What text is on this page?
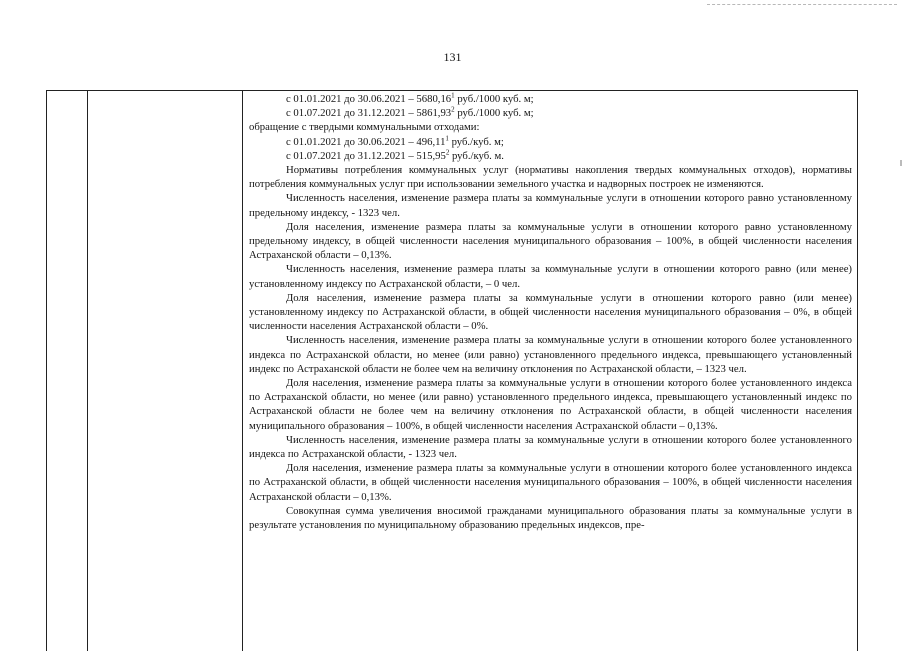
131
с 01.01.2021 до 30.06.2021 – 5680,16$^1$ руб./1000 куб. м;
с 01.07.2021 до 31.12.2021 – 5861,93$^2$ руб./1000 куб. м;
обращение с твердыми коммунальными отходами:
с 01.01.2021 до 30.06.2021 – 496,11$^1$ руб./куб. м;
с 01.07.2021 до 31.12.2021 – 515,95$^2$ руб./куб. м.

Нормативы потребления коммунальных услуг (нормативы накопления твердых коммунальных отходов), нормативы потребления коммунальных услуг при использовании земельного участка и надворных построек не изменяются.

Численность населения, изменение размера платы за коммунальные услуги в отношении которого равно установленному предельному индексу, - 1323 чел.

Доля населения, изменение размера платы за коммунальные услуги в отношении которого равно установленному предельному индексу, в общей численности населения муниципального образования – 100%, в общей численности населения Астраханской области – 0,13%.

Численность населения, изменение размера платы за коммунальные услуги в отношении которого равно (или менее) установленному индексу по Астраханской области, – 0 чел.

Доля населения, изменение размера платы за коммунальные услуги в отношении которого равно (или менее) установленному индексу по Астраханской области, в общей численности населения муниципального образования – 0%, в общей численности населения Астраханской области – 0%.

Численность населения, изменение размера платы за коммунальные услуги в отношении которого более установленного индекса по Астраханской области, но менее (или равно) установленного предельного индекса, превышающего установленный индекс по Астраханской области не более чем на величину отклонения по Астраханской области, – 1323 чел.

Доля населения, изменение размера платы за коммунальные услуги в отношении которого более установленного индекса по Астраханской области, но менее (или равно) установленного предельного индекса, превышающего установленный индекс по Астраханской области не более чем на величину отклонения по Астраханской области, в общей численности населения муниципального образования – 100%, в общей численности населения Астраханской области – 0,13%.

Численность населения, изменение размера платы за коммунальные услуги в отношении которого более установленного индекса по Астраханской области, - 1323 чел.

Доля населения, изменение размера платы за коммунальные услуги в отношении которого более установленного индекса по Астраханской области, в общей численности населения муниципального образования – 100%, в общей численности населения Астраханской области – 0,13%.

Совокупная сумма увеличения вносимой гражданами муниципального образования платы за коммунальные услуги в результате установления по муниципальному образованию предельных индексов, пре-
